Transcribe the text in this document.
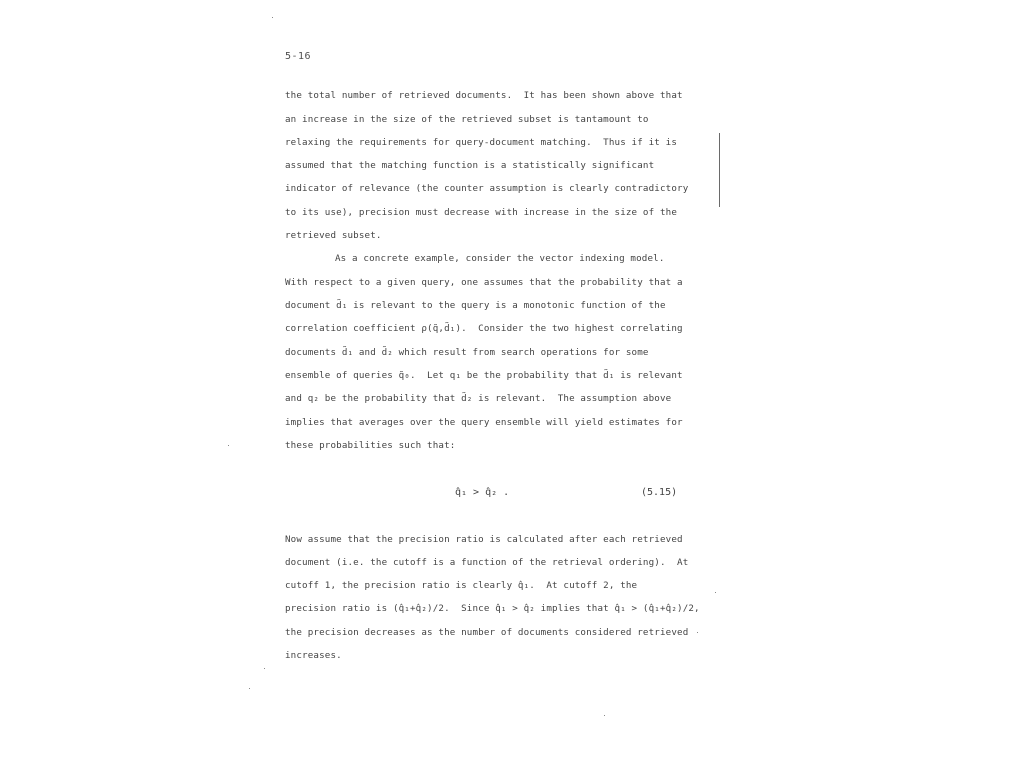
5-16
the total number of retrieved documents.  It has been shown above that
an increase in the size of the retrieved subset is tantamount to
relaxing the requirements for query-document matching.  Thus if it is
assumed that the matching function is a statistically significant
indicator of relevance (the counter assumption is clearly contradictory
to its use), precision must decrease with increase in the size of the
retrieved subset.
As a concrete example, consider the vector indexing model.
With respect to a given query, one assumes that the probability that a
document d̃₁ is relevant to the query is a monotonic function of the
correlation coefficient ρ(q̃,d̃₁).  Consider the two highest correlating
documents d̃₁ and d̃₂ which result from search operations for some
ensemble of queries q̃₀.  Let q₁ be the probability that d̃₁ is relevant
and q₂ be the probability that d̃₂ is relevant.  The assumption above
implies that averages over the query ensemble will yield estimates for
these probabilities such that:
q̂₁ > q̂₂ .	(5.15)
Now assume that the precision ratio is calculated after each retrieved
document (i.e. the cutoff is a function of the retrieval ordering).  At
cutoff 1, the precision ratio is clearly q̂₁.  At cutoff 2, the
precision ratio is (q̂₁+q̂₂)/2.  Since q̂₁ > q̂₂ implies that q̂₁ > (q̂₁+q̂₂)/2,
the precision decreases as the number of documents considered retrieved
increases.
